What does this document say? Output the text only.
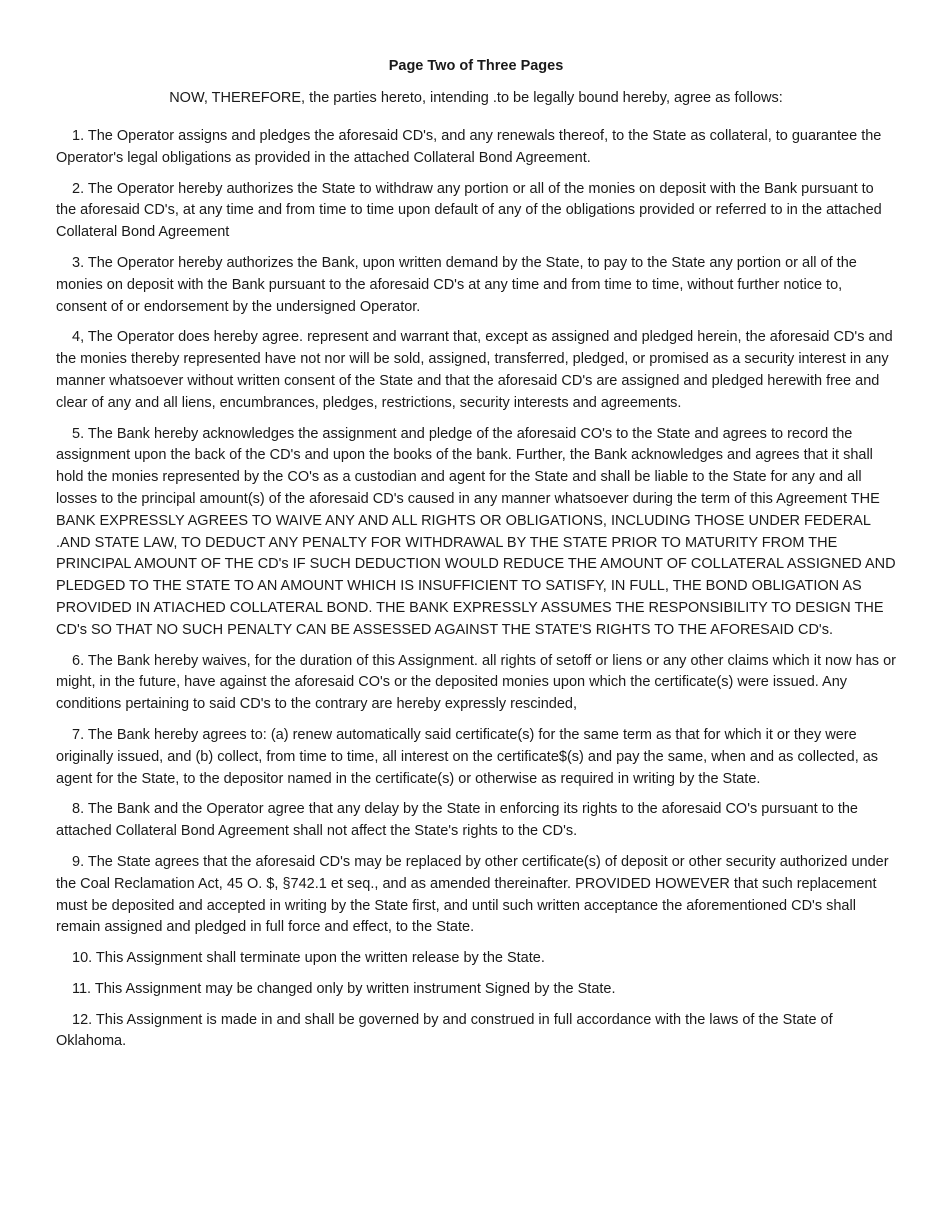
Page Two of Three Pages
NOW, THEREFORE, the parties hereto, intending .to be legally bound hereby, agree as follows:

1. The Operator assigns and pledges the aforesaid CD's, and any renewals thereof, to the State as collateral, to guarantee the Operator's legal obligations as provided in the attached Collateral Bond Agreement.

2. The Operator hereby authorizes the State to withdraw any portion or all of the monies on deposit with the Bank pursuant to the aforesaid CD's, at any time and from time to time upon default of any of the obligations provided or referred to in the attached Collateral Bond Agreement

3. The Operator hereby authorizes the Bank, upon written demand by the State, to pay to the State any portion or all of the monies on deposit with the Bank pursuant to the aforesaid CD's at any time and from time to time, without further notice to, consent of or endorsement by the undersigned Operator.

4, The Operator does hereby agree. represent and warrant that, except as assigned and pledged herein, the aforesaid CD's and the monies thereby represented have not nor will be sold, assigned, transferred, pledged, or promised as a security interest in any manner whatsoever without written consent of the State and that the aforesaid CD's are assigned and pledged herewith free and clear of any and all liens, encumbrances, pledges, restrictions, security interests and agreements.

5. The Bank hereby acknowledges the assignment and pledge of the aforesaid CO's to the State and agrees to record the assignment upon the back of the CD's and upon the books of the bank. Further, the Bank acknowledges and agrees that it shall hold the monies represented by the CO's as a custodian and agent for the State and shall be liable to the State for any and all losses to the principal amount(s) of the aforesaid CD's caused in any manner whatsoever during the term of this Agreement THE BANK EXPRESSLY AGREES TO WAIVE ANY AND ALL RIGHTS OR OBLIGATIONS, INCLUDING THOSE UNDER FEDERAL .AND STATE LAW, TO DEDUCT ANY PENALTY FOR WITHDRAWAL BY THE STATE PRIOR TO MATURITY FROM THE PRINCIPAL AMOUNT OF THE CD's IF SUCH DEDUCTION WOULD REDUCE THE AMOUNT OF COLLATERAL ASSIGNED AND PLEDGED TO THE STATE TO AN AMOUNT WHICH IS INSUFFICIENT TO SATISFY, IN FULL, THE BOND OBLIGATION AS PROVIDED IN ATIACHED COLLATERAL BOND. THE BANK EXPRESSLY ASSUMES THE RESPONSIBILITY TO DESIGN THE CD's SO THAT NO SUCH PENALTY CAN BE ASSESSED AGAINST THE STATE'S RIGHTS TO THE AFORESAID CD's.

6. The Bank hereby waives, for the duration of this Assignment. all rights of setoff or liens or any other claims which it now has or might, in the future, have against the aforesaid CO's or the deposited monies upon which the certificate(s) were issued. Any conditions pertaining to said CD's to the contrary are hereby expressly rescinded,

7. The Bank hereby agrees to: (a) renew automatically said certificate(s) for the same term as that for which it or they were originally issued, and (b) collect, from time to time, all interest on the certificate$(s) and pay the same, when and as collected, as agent for the State, to the depositor named in the certificate(s) or otherwise as required in writing by the State.

8. The Bank and the Operator agree that any delay by the State in enforcing its rights to the aforesaid CO's pursuant to the attached Collateral Bond Agreement shall not affect the State's rights to the CD's.

9. The State agrees that the aforesaid CD's may be replaced by other certificate(s) of deposit or other security authorized under the Coal Reclamation Act, 45 O. $, §742.1 et seq., and as amended thereinafter. PROVIDED HOWEVER that such replacement must be deposited and accepted in writing by the State first, and until such written acceptance the aforementioned CD's shall remain assigned and pledged in full force and effect, to the State.

10. This Assignment shall terminate upon the written release by the State.

11. This Assignment may be changed only by written instrument Signed by the State.

12. This Assignment is made in and shall be governed by and construed in full accordance with the laws of the State of Oklahoma.
